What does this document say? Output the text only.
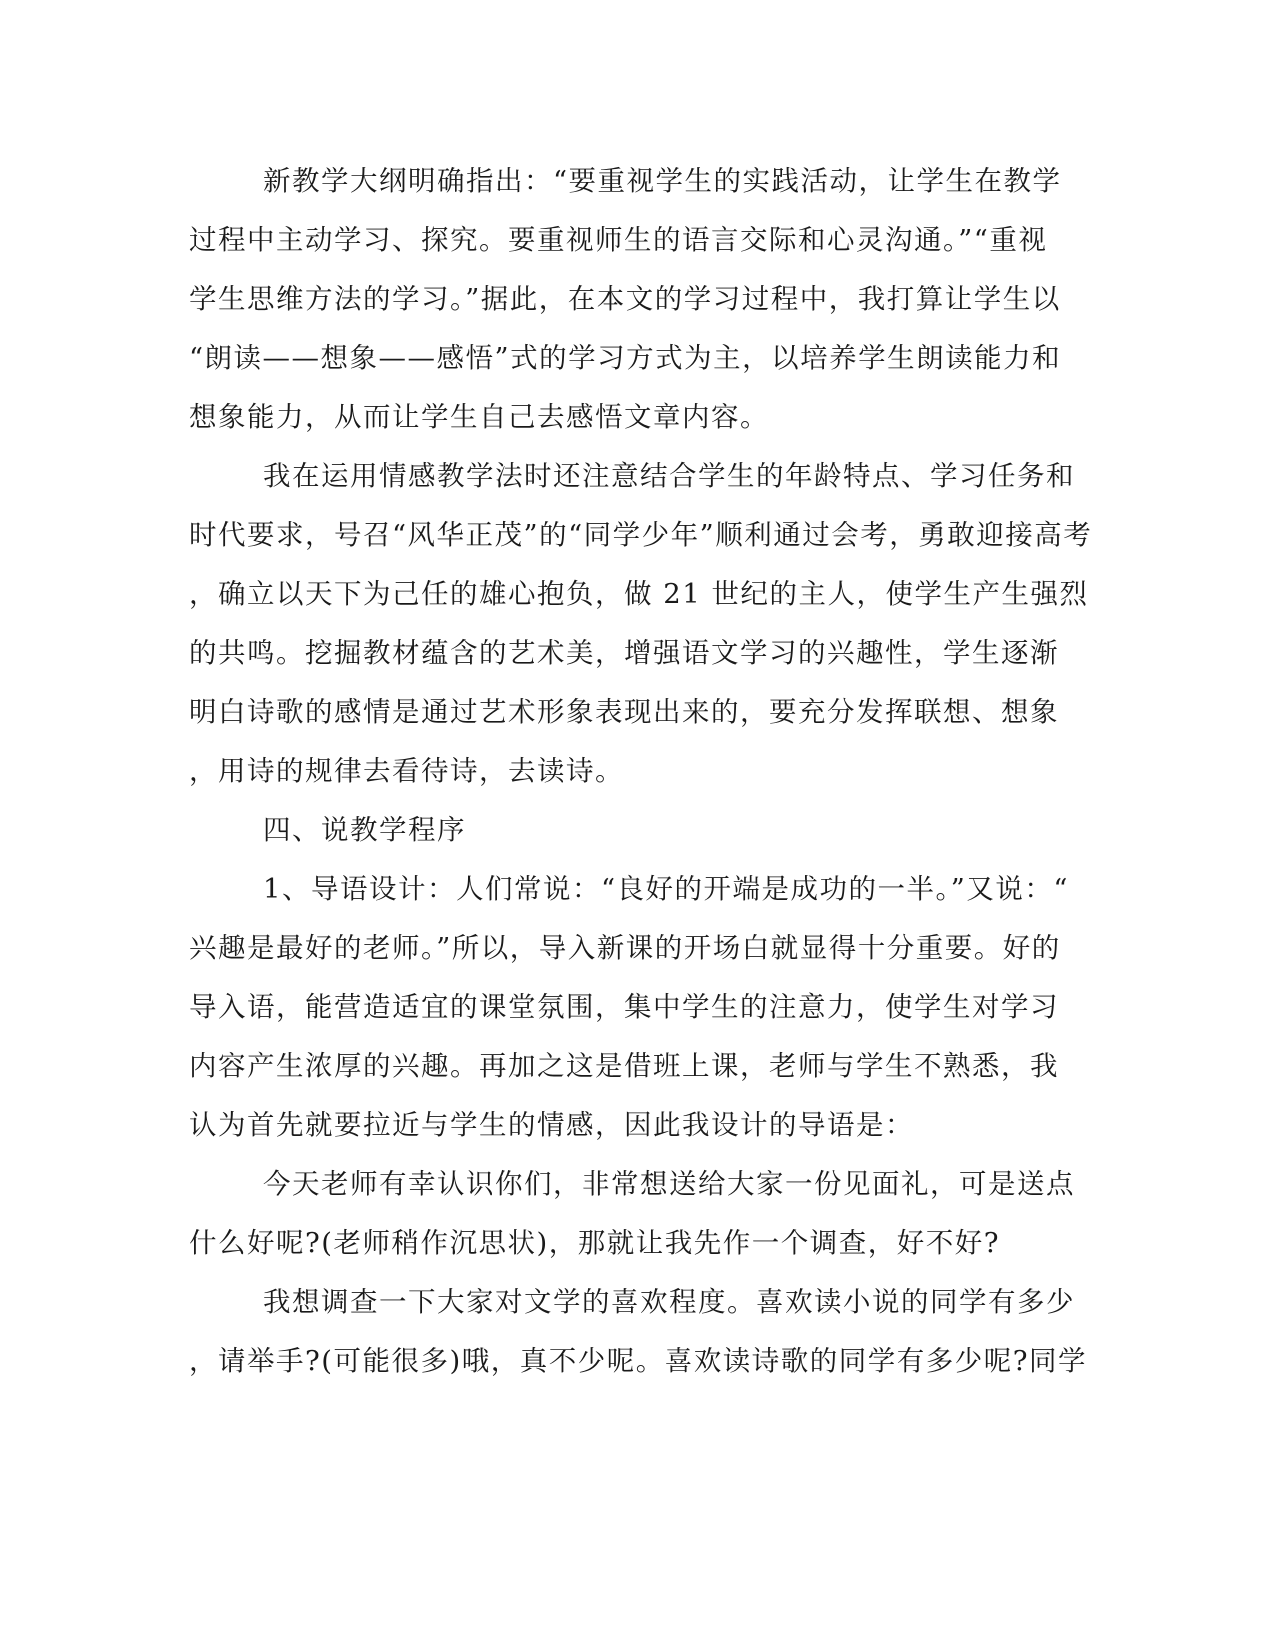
新教学大纲明确指出：“要重视学生的实践活动，让学生在教学
过程中主动学习、探究。要重视师生的语言交际和心灵沟通。”“重视
学生思维方法的学习。”据此，在本文的学习过程中，我打算让学生以
“朗读——想象——感悟”式的学习方式为主，以培养学生朗读能力和
想象能力，从而让学生自己去感悟文章内容。
我在运用情感教学法时还注意结合学生的年龄特点、学习任务和
时代要求，号召“风华正茂”的“同学少年”顺利通过会考，勇敢迎接高考
，确立以天下为己任的雄心抱负，做 21 世纪的主人，使学生产生强烈
的共鸣。挖掘教材蕴含的艺术美，增强语文学习的兴趣性，学生逐渐
明白诗歌的感情是通过艺术形象表现出来的，要充分发挥联想、想象
，用诗的规律去看待诗，去读诗。
四、说教学程序
1、导语设计：人们常说：“良好的开端是成功的一半。”又说：“
兴趣是最好的老师。”所以，导入新课的开场白就显得十分重要。好的
导入语，能营造适宜的课堂氛围，集中学生的注意力，使学生对学习
内容产生浓厚的兴趣。再加之这是借班上课，老师与学生不熟悉，我
认为首先就要拉近与学生的情感，因此我设计的导语是：
今天老师有幸认识你们，非常想送给大家一份见面礼，可是送点
什么好呢?(老师稍作沉思状)，那就让我先作一个调查，好不好?
我想调查一下大家对文学的喜欢程度。喜欢读小说的同学有多少
，请举手?(可能很多)哦，真不少呢。喜欢读诗歌的同学有多少呢?同学
